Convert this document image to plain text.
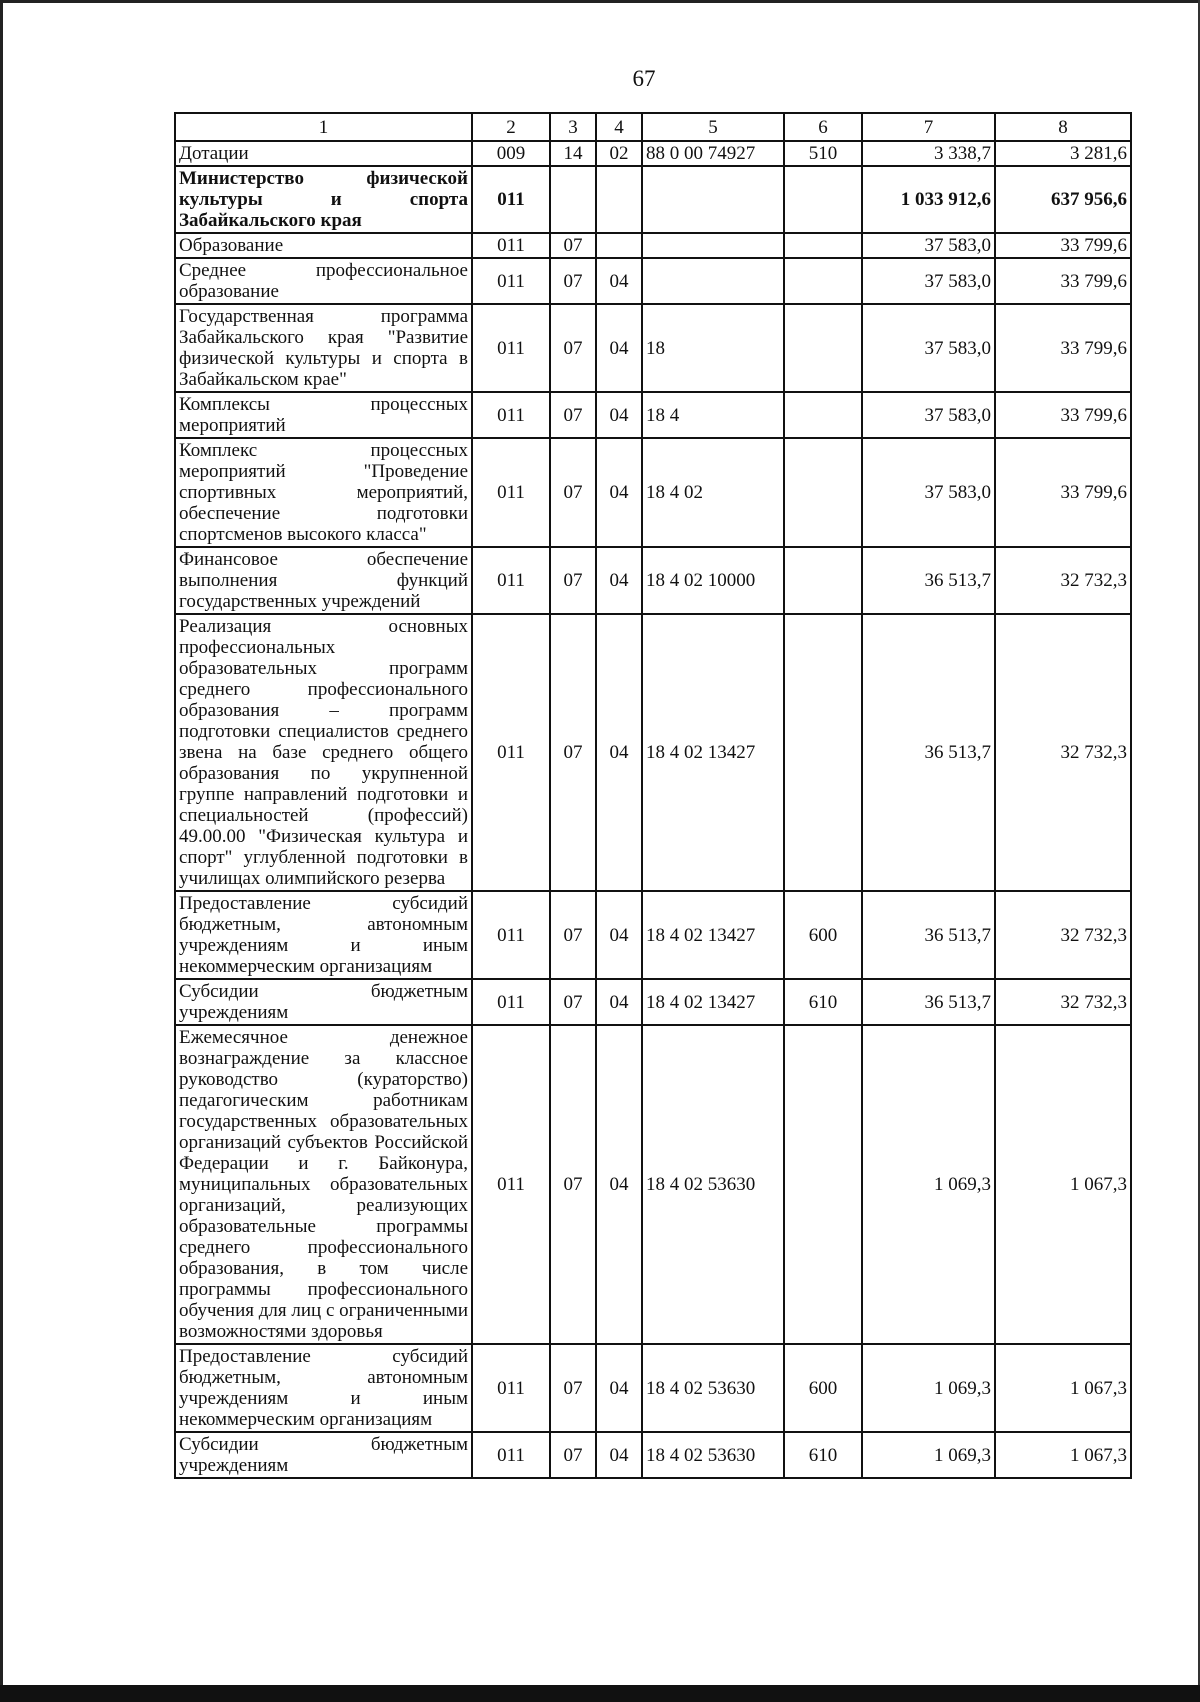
67
1	2	3	4	5	6	7	8
Дотации	009	14	02	88 0 00 74927	510	3 338,7	3 281,6
Министерство физической культуры и спорта Забайкальского края	011					1 033 912,6	637 956,6
Образование	011	07				37 583,0	33 799,6
Среднее профессиональное образование	011	07	04			37 583,0	33 799,6
Государственная программа Забайкальского края "Развитие физической культуры и спорта в Забайкальском крае"	011	07	04	18		37 583,0	33 799,6
Комплексы процессных мероприятий	011	07	04	18 4		37 583,0	33 799,6
Комплекс процессных мероприятий "Проведение спортивных мероприятий, обеспечение подготовки спортсменов высокого класса"	011	07	04	18 4 02		37 583,0	33 799,6
Финансовое обеспечение выполнения функций государственных учреждений	011	07	04	18 4 02 10000		36 513,7	32 732,3
Реализация основных профессиональных образовательных программ среднего профессионального образования – программ подготовки специалистов среднего звена на базе среднего общего образования по укрупненной группе направлений подготовки и специальностей (профессий) 49.00.00 "Физическая культура и спорт" углубленной подготовки в училищах олимпийского резерва	011	07	04	18 4 02 13427		36 513,7	32 732,3
Предоставление субсидий бюджетным, автономным учреждениям и иным некоммерческим организациям	011	07	04	18 4 02 13427	600	36 513,7	32 732,3
Субсидии бюджетным учреждениям	011	07	04	18 4 02 13427	610	36 513,7	32 732,3
Ежемесячное денежное вознаграждение за классное руководство (кураторство) педагогическим работникам государственных образовательных организаций субъектов Российской Федерации и г. Байконура, муниципальных образовательных организаций, реализующих образовательные программы среднего профессионального образования, в том числе программы профессионального обучения для лиц с ограниченными возможностями здоровья	011	07	04	18 4 02 53630		1 069,3	1 067,3
Предоставление субсидий бюджетным, автономным учреждениям и иным некоммерческим организациям	011	07	04	18 4 02 53630	600	1 069,3	1 067,3
Субсидии бюджетным учреждениям	011	07	04	18 4 02 53630	610	1 069,3	1 067,3
